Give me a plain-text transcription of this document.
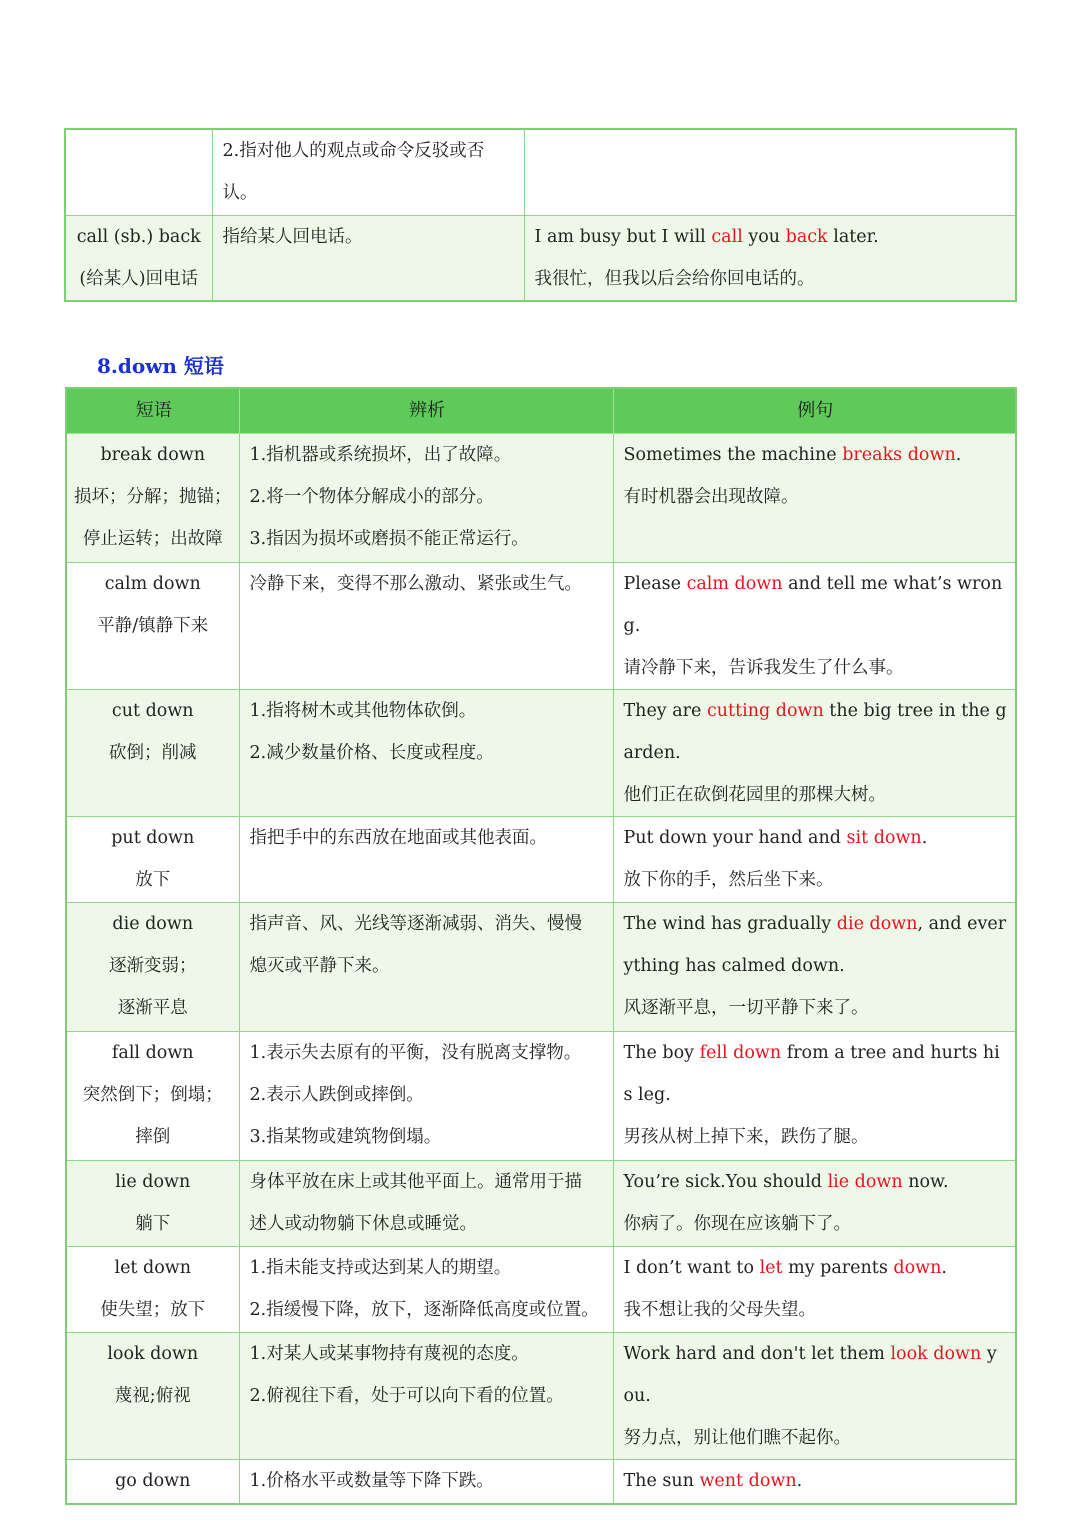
	2.指对他人的观点或命令反驳或否
认。	

call (sb.) back
(给某人)回电话	指给某人回电话。	I am busy but I will call you back later.
我很忙，但我以后会给你回电话的。
8.down 短语
短语	辨析	例句

break down
损坏；分解；抛锚；
停止运转；出故障	1.指机器或系统损坏，出了故障。
2.将一个物体分解成小的部分。
3.指因为损坏或磨损不能正常运行。	Sometimes the machine breaks down.
有时机器会出现故障。

calm down
平静/镇静下来	冷静下来，变得不那么激动、紧张或生气。	Please calm down and tell me what’s wrong.
请冷静下来，告诉我发生了什么事。

cut down
砍倒；削减	1.指将树木或其他物体砍倒。
2.减少数量价格、长度或程度。	They are cutting down the big tree in the garden.
他们正在砍倒花园里的那棵大树。

put down
放下	指把手中的东西放在地面或其他表面。	Put down your hand and sit down.
放下你的手，然后坐下来。

die down
逐渐变弱；
逐渐平息	指声音、风、光线等逐渐减弱、消失、慢慢
熄灭或平静下来。	The wind has gradually die down, and everything has calmed down.
风逐渐平息，一切平静下来了。

fall down
突然倒下；倒塌；
摔倒	1.表示失去原有的平衡，没有脱离支撑物。
2.表示人跌倒或摔倒。
3.指某物或建筑物倒塌。	The boy fell down from a tree and hurts his leg.
男孩从树上掉下来，跌伤了腿。

lie down
躺下	身体平放在床上或其他平面上。通常用于描
述人或动物躺下休息或睡觉。	You’re sick.You should lie down now.
你病了。你现在应该躺下了。

let down
使失望；放下	1.指未能支持或达到某人的期望。
2.指缓慢下降，放下，逐渐降低高度或位置。	I don’t want to let my parents down.
我不想让我的父母失望。

look down
蔑视;俯视	1.对某人或某事物持有蔑视的态度。
2.俯视往下看，处于可以向下看的位置。	Work hard and don't let them look down you.
努力点，别让他们瞧不起你。

go down	1.价格水平或数量等下降下跌。	The sun went down.
